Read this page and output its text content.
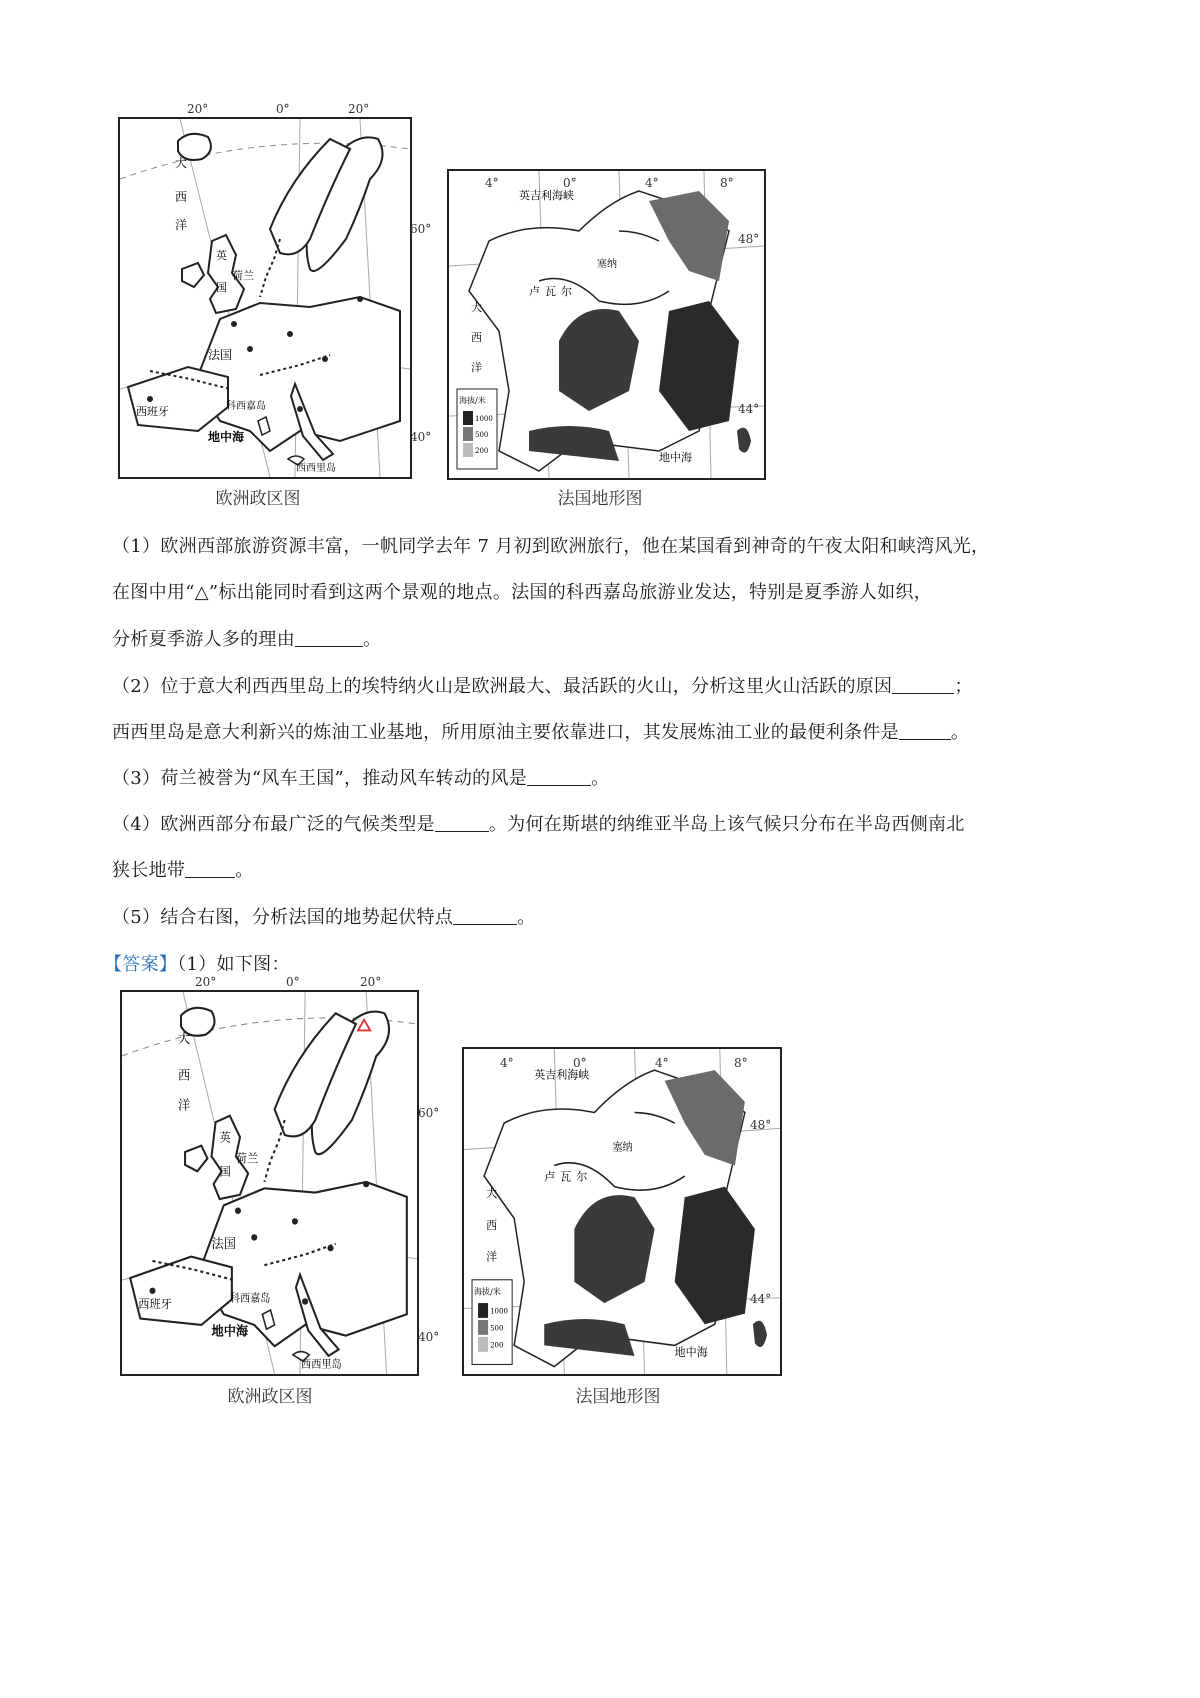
大
西
洋
英
国
荷兰
法国
西班牙	科西嘉岛
地中海
西西里岛
20°	0°	20°
60°
40°
欧洲政区图
海拔/米
1000
500
200
英吉利海峡
塞纳
卢 瓦 尔
大
西
洋
地中海
4°	0°	4°	8°
48°
44°
法国地形图

（1）欧洲西部旅游资源丰富，一帆同学去年 7 月初到欧洲旅行，他在某国看到神奇的午夜太阳和峡湾风光，

在图中用“△”标出能同时看到这两个景观的地点。法国的科西嘉岛旅游业发达，特别是夏季游人如织，

分析夏季游人多的理由	。

（2）位于意大利西西里岛上的埃特纳火山是欧洲最大、最活跃的火山，分析这里火山活跃的原因	；

西西里岛是意大利新兴的炼油工业基地，所用原油主要依靠进口，其发展炼油工业的最便利条件是	。

（3）荷兰被誉为“风车王国”，推动风车转动的风是	。

（4）欧洲西部分布最广泛的气候类型是	。为何在斯堪的纳维亚半岛上该气候只分布在半岛西侧南北

狭长地带	。

（5）结合右图，分析法国的地势起伏特点	。

【答案】（1）如下图：

大
西
洋
英
国
荷兰
法国
西班牙	科西嘉岛
地中海
西西里岛
20°	0°	20°
60°
40°
欧洲政区图
海拔/米
1000
500
200
英吉利海峡
塞纳
卢 瓦 尔
大
西
洋
地中海
4°	0°	4°	8°
48°
44°
法国地形图
